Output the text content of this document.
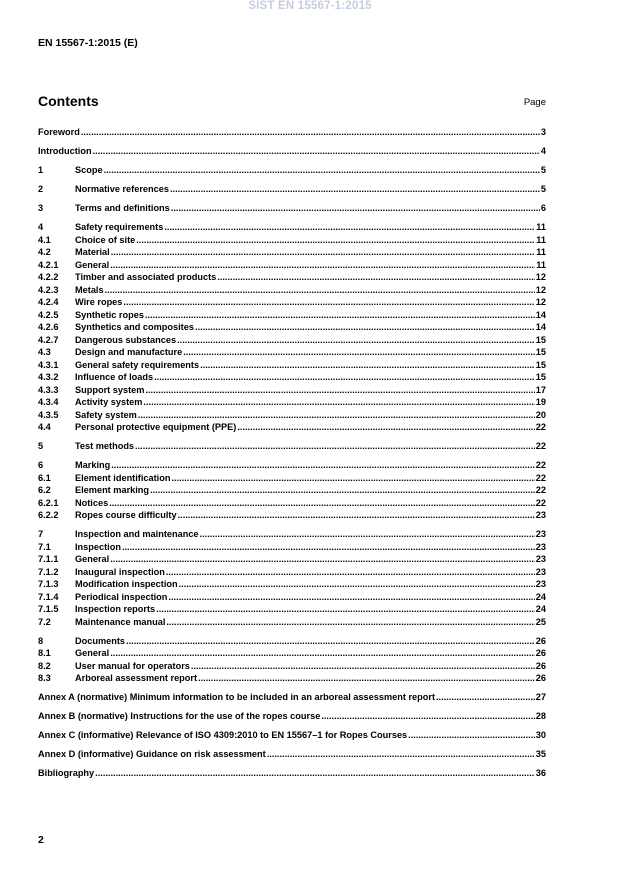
SIST EN 15567-1:2015
EN 15567-1:2015 (E)
Contents	Page
Foreword .....	3
Introduction .....	4
1	Scope .....	5
2	Normative references .....	5
3	Terms and definitions .....	6
4	Safety requirements .....	11
4.1	Choice of site .....	11
4.2	Material .....	11
4.2.1	General .....	11
4.2.2	Timber and associated products .....	12
4.2.3	Metals .....	12
4.2.4	Wire ropes .....	12
4.2.5	Synthetic ropes .....	14
4.2.6	Synthetics and composites .....	14
4.2.7	Dangerous substances .....	15
4.3	Design and manufacture .....	15
4.3.1	General safety requirements .....	15
4.3.2	Influence of loads .....	15
4.3.3	Support system .....	17
4.3.4	Activity system .....	19
4.3.5	Safety system .....	20
4.4	Personal protective equipment (PPE) .....	22
5	Test methods .....	22
6	Marking .....	22
6.1	Element identification .....	22
6.2	Element marking .....	22
6.2.1	Notices .....	22
6.2.2	Ropes course difficulty .....	23
7	Inspection and maintenance .....	23
7.1	Inspection .....	23
7.1.1	General .....	23
7.1.2	Inaugural inspection .....	23
7.1.3	Modification inspection .....	23
7.1.4	Periodical inspection .....	24
7.1.5	Inspection reports .....	24
7.2	Maintenance manual .....	25
8	Documents .....	26
8.1	General .....	26
8.2	User manual for operators .....	26
8.3	Arboreal assessment report .....	26
Annex A (normative) Minimum information to be included in an arboreal assessment report .....	27
Annex B (normative) Instructions for the use of the ropes course .....	28
Annex C (informative) Relevance of ISO 4309:2010 to EN 15567–1 for Ropes Courses .....	30
Annex D (informative) Guidance on risk assessment .....	35
Bibliography .....	36
2
